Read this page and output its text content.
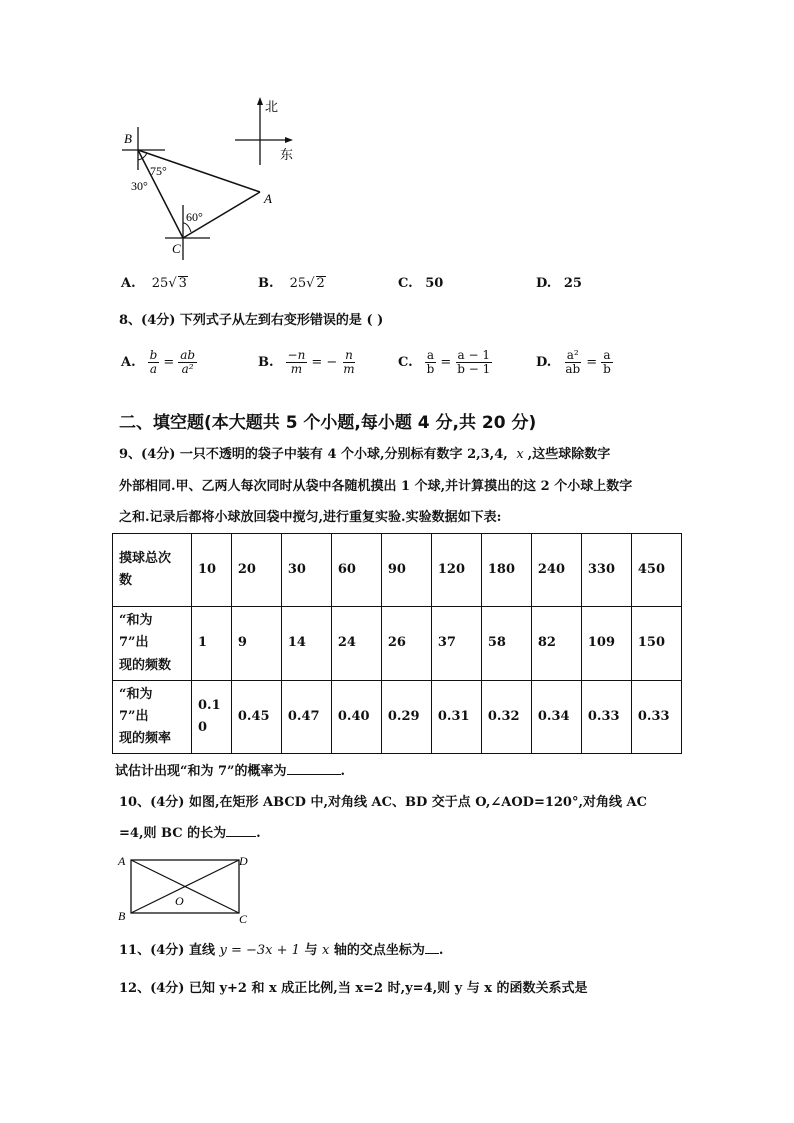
北
东
B
A
C
75°
30°
60°
A. 25√ 3	B. 25√ 2	C. 50	D. 25
8、(4分) 下列式子从左到右变形错误的是 ( )
A. $\frac{b}{a} = \frac{ab}{\text{a²}}$	B. $\frac{-n}{m}$ = − $\frac{n}{m}$	C. $\frac{a}{b} = \frac{a - 1}{b - 1}$	D. $\frac{\text{a²}}{ab} = \frac{a}{b}$
二、填空题(本大题共 5 个小题,每小题 4 分,共 20 分)
9、(4分) 一只不透明的袋子中装有 4 个小球,分别标有数字 2,3,4, x ,这些球除数字
外部相同.甲、乙两人每次同时从袋中各随机摸出 1 个球,并计算摸出的这 2 个小球上数字
之和.记录后都将小球放回袋中搅匀,进行重复实验.实验数据如下表:
摸球总次
数	10	20	30	60	90	120	180	240	330	450
“和为 7”出
现的频数	1	9	14	24	26	37	58	82	109	150
“和为 7”出
现的频率	0.1
0	0.45	0.47	0.40	0.29	0.31	0.32	0.34	0.33	0.33
试估计出现“和为 7”的概率为	.
10、(4分) 如图,在矩形 ABCD 中,对角线 AC、BD 交于点 O,∠AOD=120°,对角线 AC
=4,则 BC 的长为 .
A	D
B	C
O
11、(4分) 直线 y = −3x + 1 与 x 轴的交点坐标为 .
12、(4分) 已知 y+2 和 x 成正比例,当 x=2 时,y=4,则 y 与 x 的函数关系式是
